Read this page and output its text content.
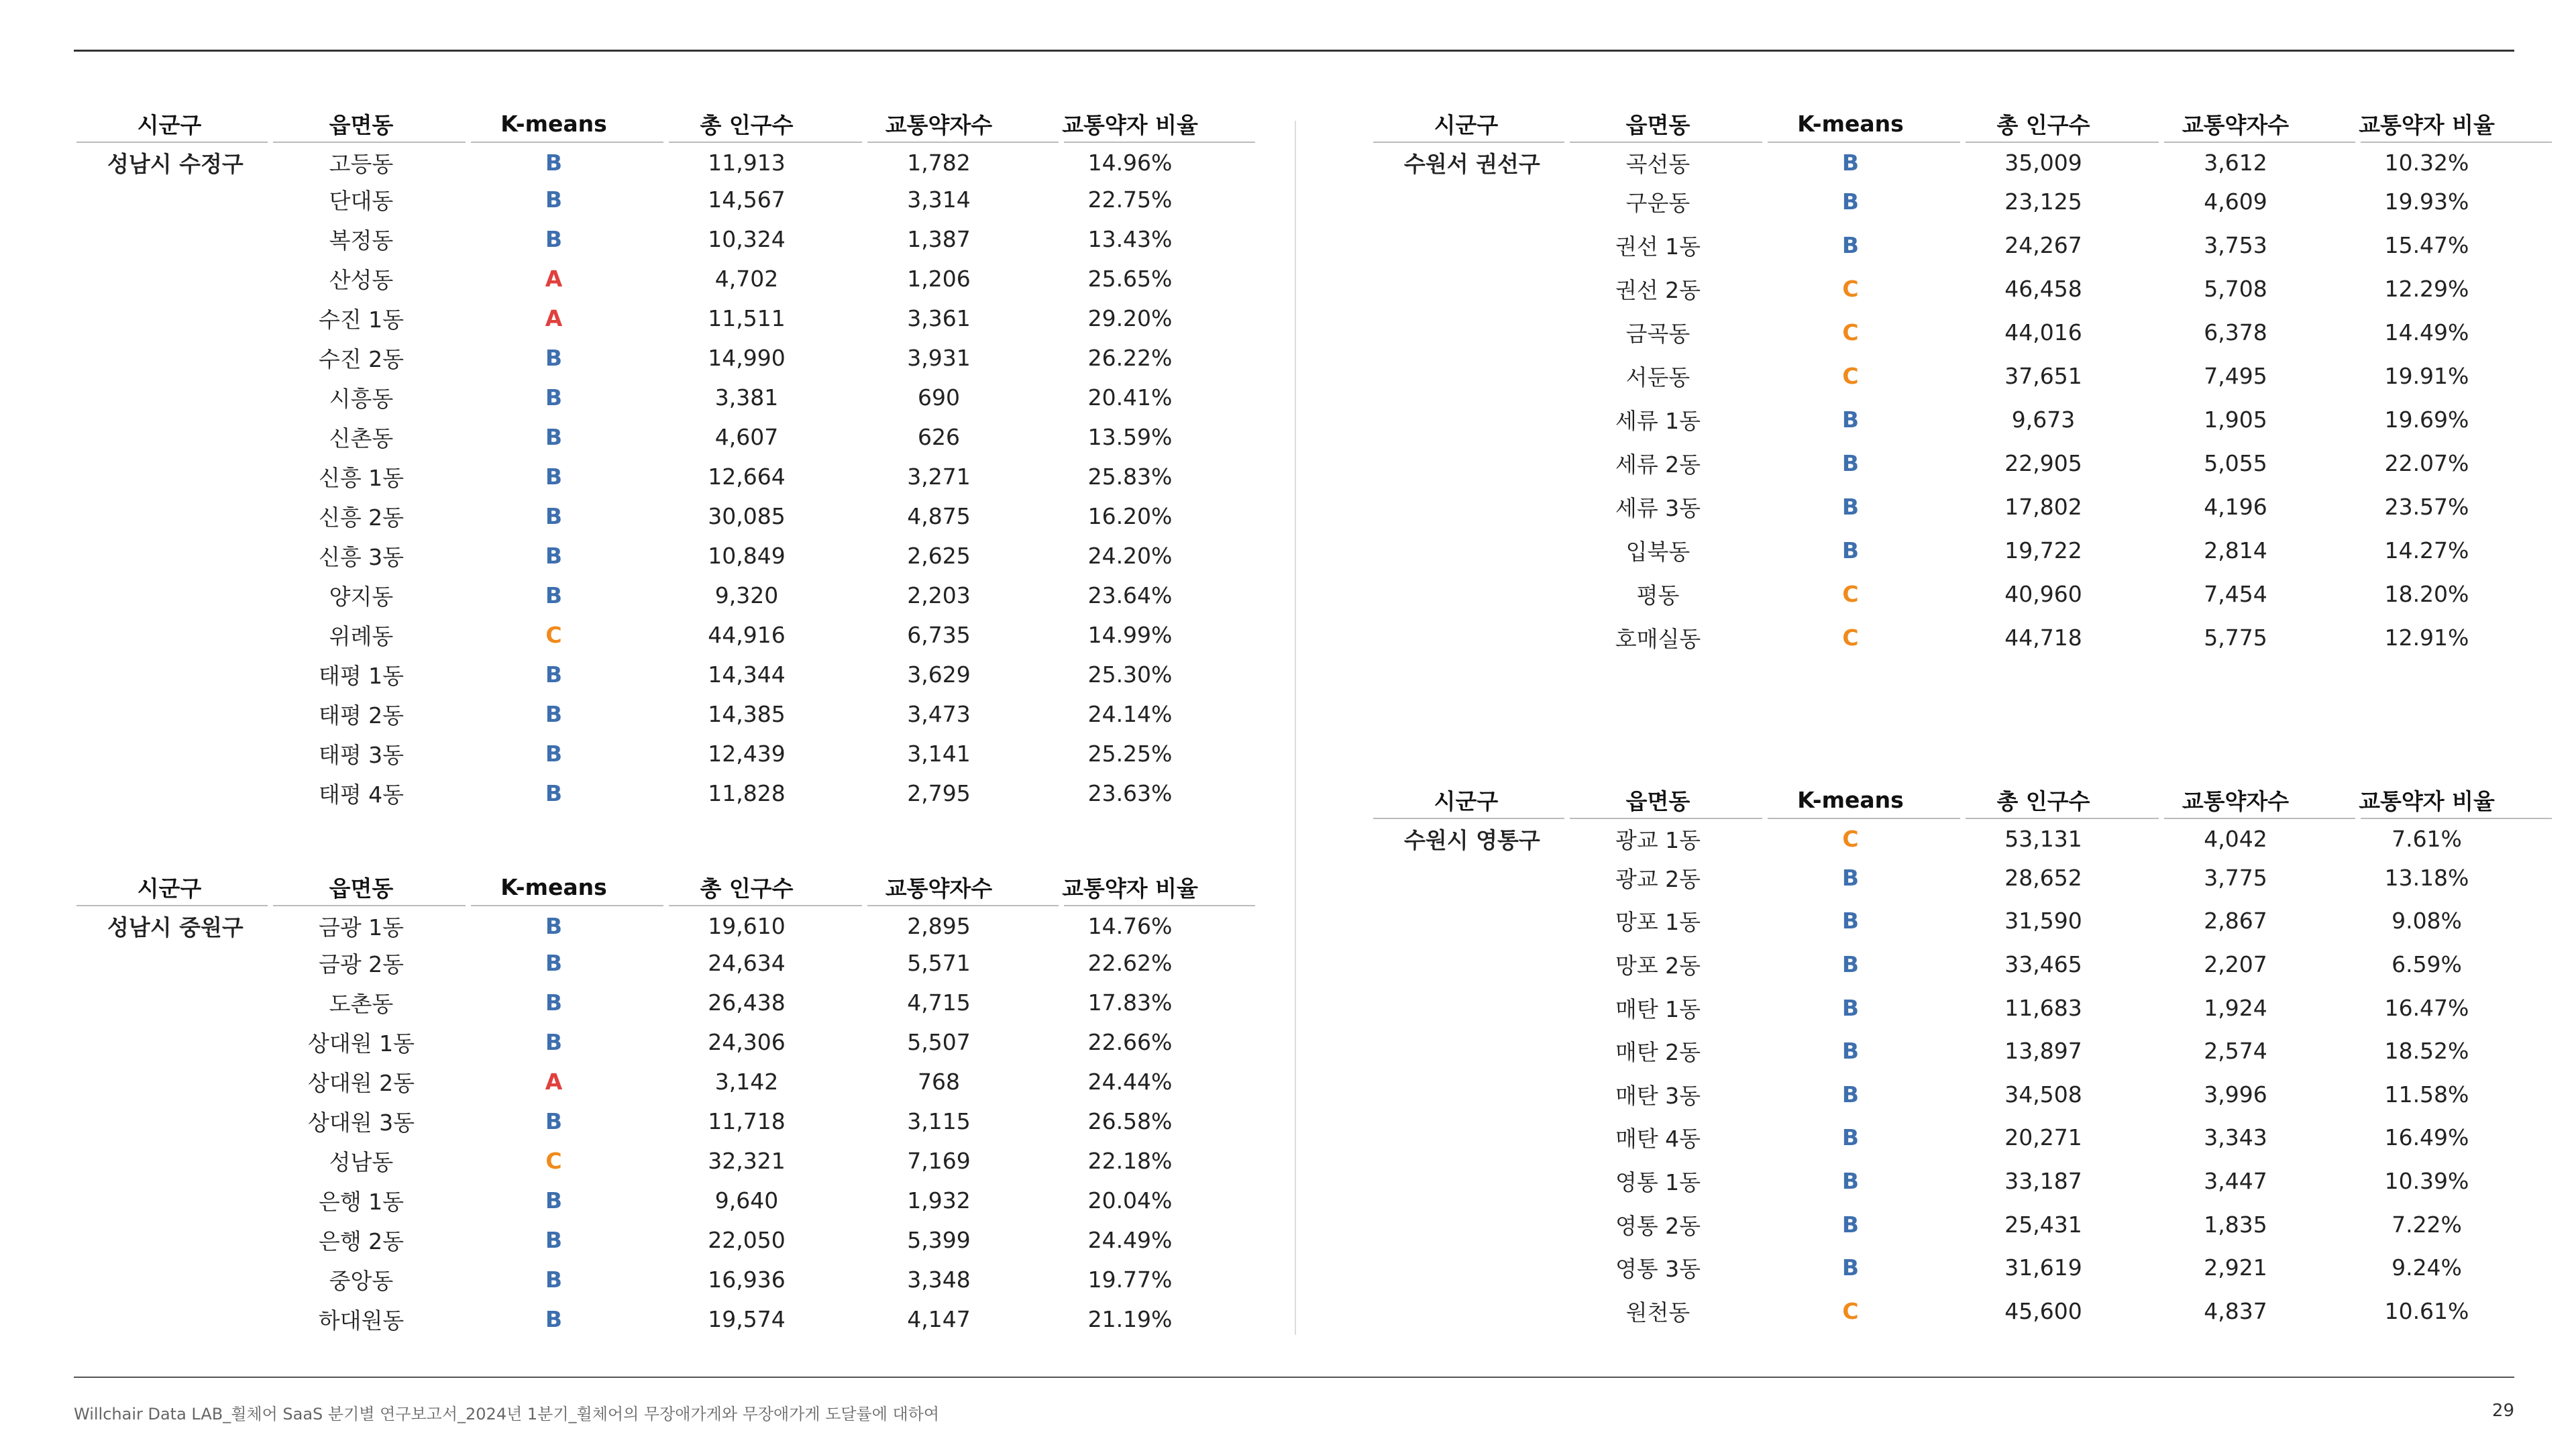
시군구	읍면동	K-means	총 인구수	교통약자수	교통약자 비율
성남시 수정구	고등동	B	11,913	1,782	14.96%
단대동	B	14,567	3,314	22.75%
복정동	B	10,324	1,387	13.43%
산성동	A	4,702	1,206	25.65%
수진 1동	A	11,511	3,361	29.20%
수진 2동	B	14,990	3,931	26.22%
시흥동	B	3,381	690	20.41%
신촌동	B	4,607	626	13.59%
신흥 1동	B	12,664	3,271	25.83%
신흥 2동	B	30,085	4,875	16.20%
신흥 3동	B	10,849	2,625	24.20%
양지동	B	9,320	2,203	23.64%
위례동	C	44,916	6,735	14.99%
태평 1동	B	14,344	3,629	25.30%
태평 2동	B	14,385	3,473	24.14%
태평 3동	B	12,439	3,141	25.25%
태평 4동	B	11,828	2,795	23.63%
시군구	읍면동	K-means	총 인구수	교통약자수	교통약자 비율
성남시 중원구	금광 1동	B	19,610	2,895	14.76%
금광 2동	B	24,634	5,571	22.62%
도촌동	B	26,438	4,715	17.83%
상대원 1동	B	24,306	5,507	22.66%
상대원 2동	A	3,142	768	24.44%
상대원 3동	B	11,718	3,115	26.58%
성남동	C	32,321	7,169	22.18%
은행 1동	B	9,640	1,932	20.04%
은행 2동	B	22,050	5,399	24.49%
중앙동	B	16,936	3,348	19.77%
하대원동	B	19,574	4,147	21.19%
시군구	읍면동	K-means	총 인구수	교통약자수	교통약자 비율
수원서 권선구	곡선동	B	35,009	3,612	10.32%
구운동	B	23,125	4,609	19.93%
권선 1동	B	24,267	3,753	15.47%
권선 2동	C	46,458	5,708	12.29%
금곡동	C	44,016	6,378	14.49%
서둔동	C	37,651	7,495	19.91%
세류 1동	B	9,673	1,905	19.69%
세류 2동	B	22,905	5,055	22.07%
세류 3동	B	17,802	4,196	23.57%
입북동	B	19,722	2,814	14.27%
평동	C	40,960	7,454	18.20%
호매실동	C	44,718	5,775	12.91%
시군구	읍면동	K-means	총 인구수	교통약자수	교통약자 비율
수원시 영통구	광교 1동	C	53,131	4,042	7.61%
광교 2동	B	28,652	3,775	13.18%
망포 1동	B	31,590	2,867	9.08%
망포 2동	B	33,465	2,207	6.59%
매탄 1동	B	11,683	1,924	16.47%
매탄 2동	B	13,897	2,574	18.52%
매탄 3동	B	34,508	3,996	11.58%
매탄 4동	B	20,271	3,343	16.49%
영통 1동	B	33,187	3,447	10.39%
영통 2동	B	25,431	1,835	7.22%
영통 3동	B	31,619	2,921	9.24%
원천동	C	45,600	4,837	10.61%
Willchair Data LAB_휠체어 SaaS 분기별 연구보고서_2024년 1분기_휠체어의 무장애가게와 무장애가게 도달률에 대하여	29
